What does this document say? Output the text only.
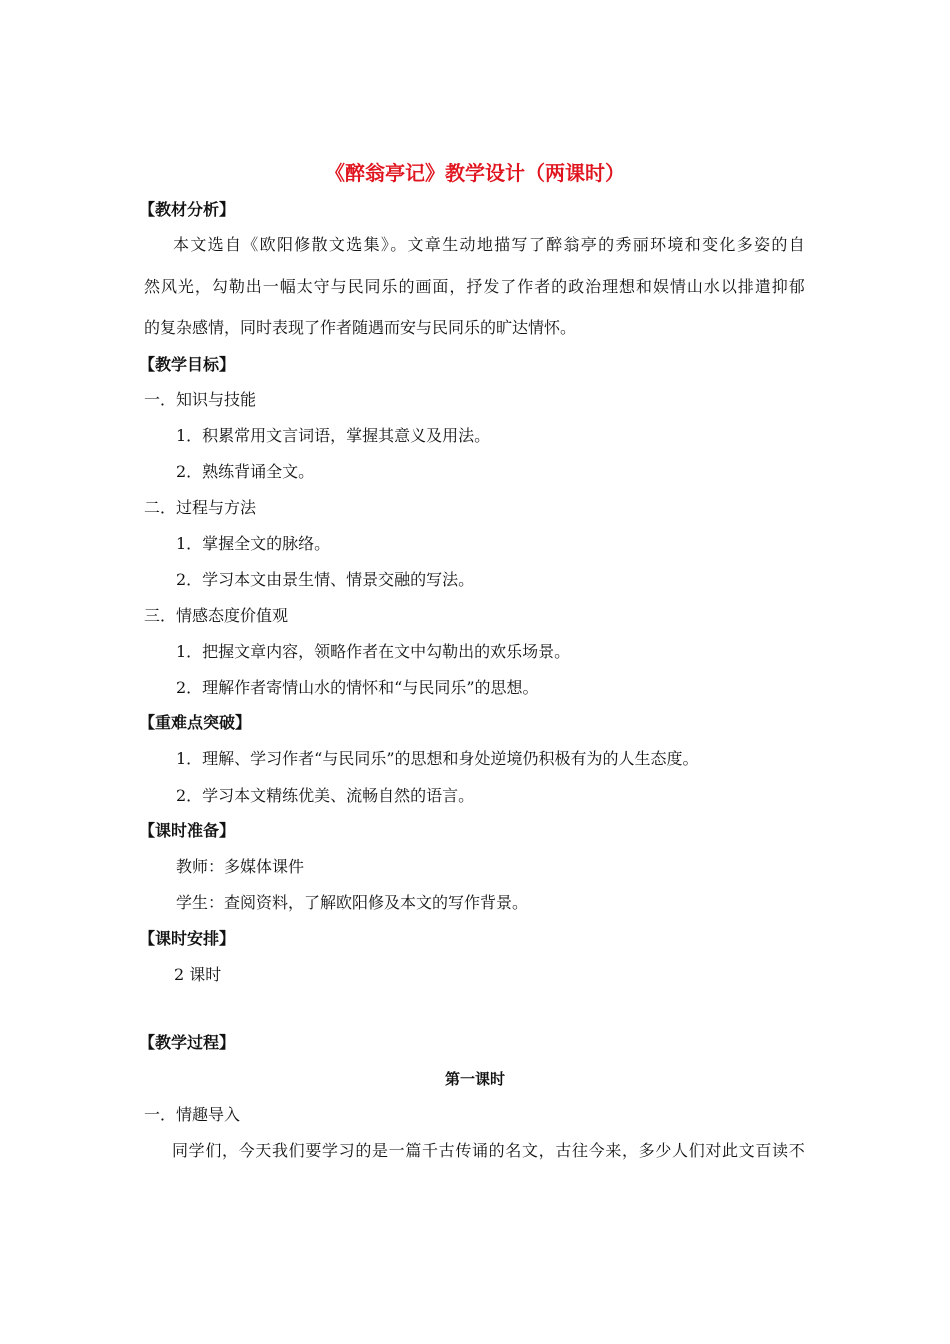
《醉翁亭记》教学设计（两课时）
【教材分析】
本文选自《欧阳修散文选集》。文章生动地描写了醉翁亭的秀丽环境和变化多姿的自
然风光，勾勒出一幅太守与民同乐的画面，抒发了作者的政治理想和娱情山水以排遣抑郁
的复杂感情，同时表现了作者随遇而安与民同乐的旷达情怀。
【教学目标】
一．知识与技能
1．积累常用文言词语，掌握其意义及用法。
2．熟练背诵全文。
二．过程与方法
1．掌握全文的脉络。
2．学习本文由景生情、情景交融的写法。
三．情感态度价值观
1．把握文章内容，领略作者在文中勾勒出的欢乐场景。
2．理解作者寄情山水的情怀和“与民同乐”的思想。
【重难点突破】
1．理解、学习作者“与民同乐”的思想和身处逆境仍积极有为的人生态度。
2．学习本文精练优美、流畅自然的语言。
【课时准备】
教师：多媒体课件
学生：查阅资料，了解欧阳修及本文的写作背景。
【课时安排】
2 课时
【教学过程】
第一课时
一．情趣导入
同学们，今天我们要学习的是一篇千古传诵的名文，古往今来，多少人们对此文百读不
